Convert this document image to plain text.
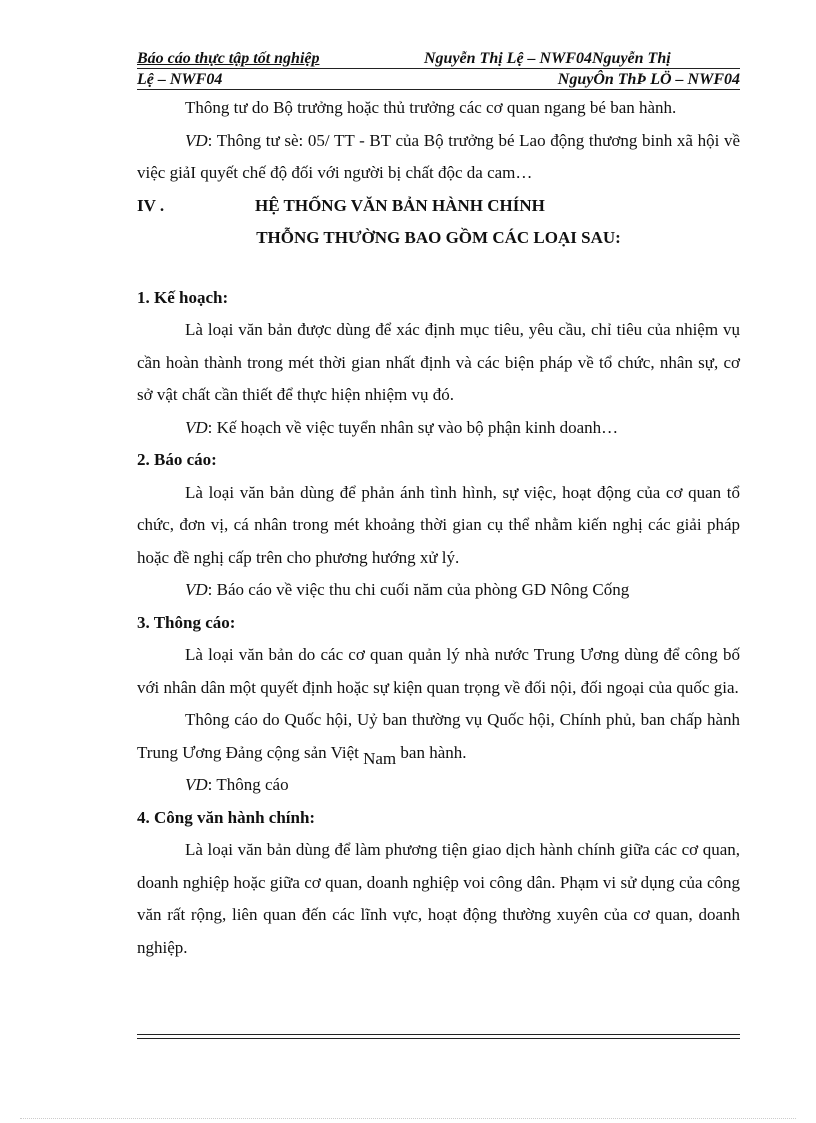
Báo cáo thực tập tốt nghiệp	Nguyễn Thị Lệ – NWF04Nguyễn Thị
Lệ – NWF04	NguyÔn ThÞ LÖ – NWF04

Thông tư do Bộ trưởng hoặc thủ trưởng các cơ quan ngang bé ban hành.

VD: Thông tư sè: 05/ TT - BT của Bộ trưởng bé Lao động thương binh xã hội về việc giảI quyết chế độ đối với người bị chất độc da cam…

IV .	HỆ THỐNG VĂN BẢN HÀNH CHÍNH

THỖNG THƯỜNG BAO GỒM CÁC LOẠI SAU:

1. Kế hoạch:

Là loại văn bản được dùng để xác định mục tiêu, yêu cầu, chỉ tiêu của nhiệm vụ cần hoàn thành trong mét thời gian nhất định và các biện pháp về tổ chức, nhân sự, cơ sở vật chất cần thiết để thực hiện nhiệm vụ đó.

VD: Kế hoạch về việc tuyển nhân sự vào bộ phận kinh doanh…

2. Báo cáo:

Là loại văn bản dùng để phản ánh tình hình, sự việc, hoạt động của cơ quan tổ chức, đơn vị, cá nhân trong mét khoảng thời gian cụ thể nhằm kiến nghị các giải pháp hoặc đề nghị cấp trên cho phương hướng xử lý.

VD: Báo cáo về việc thu chi cuối năm của phòng GD Nông Cống

3. Thông cáo:

Là loại văn bản do các cơ quan quản lý nhà nước Trung Ương dùng để công bố với nhân dân một quyết định hoặc sự kiện quan trọng về đối nội, đối ngoại của quốc gia.

Thông cáo do Quốc hội, Uỷ ban thường vụ Quốc hội, Chính phủ, ban chấp hành Trung Ương Đảng cộng sản Việt Nam ban hành.

VD: Thông cáo

4. Công văn hành chính:

Là loại văn bản dùng để làm phương tiện giao dịch hành chính giữa các cơ quan, doanh nghiệp hoặc giữa cơ quan, doanh nghiệp voi công dân. Phạm vi sử dụng của công văn rất rộng, liên quan đến các lĩnh vực, hoạt động thường xuyên của cơ quan, doanh nghiệp.
